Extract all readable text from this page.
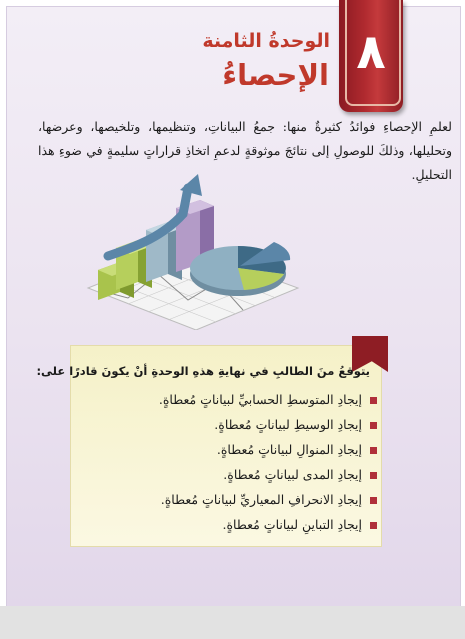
٨
الوحدةُ الثامنة
الإحصاءُ
لعلمِ الإحصاءِ فوائدُ كثيرةٌ منها: جمعُ البياناتِ، وتنظيمها، وتلخيصها، وعرضها، وتحليلها، وذلكَ للوصولِ إلى نتائجَ موثوقةٍ لدعمِ اتخاذِ قراراتٍ سليمةٍ في ضوءِ هذا التحليلِ.
يتوقعُ منَ الطالبِ في نهايةِ هذهِ الوحدةِ أنْ يكونَ قادرًا على:
إيجادِ المتوسطِ الحسابيِّ لبياناتٍ مُعطاةٍ.
إيجادِ الوسيطِ لبياناتٍ مُعطاةٍ.
إيجادِ المنوالِ لبياناتٍ مُعطاةٍ.
إيجادِ المدى لبياناتٍ مُعطاةٍ.
إيجادِ الانحرافِ المعياريِّ لبياناتٍ مُعطاةٍ.
إيجادِ التباينِ لبياناتٍ مُعطاةٍ.
